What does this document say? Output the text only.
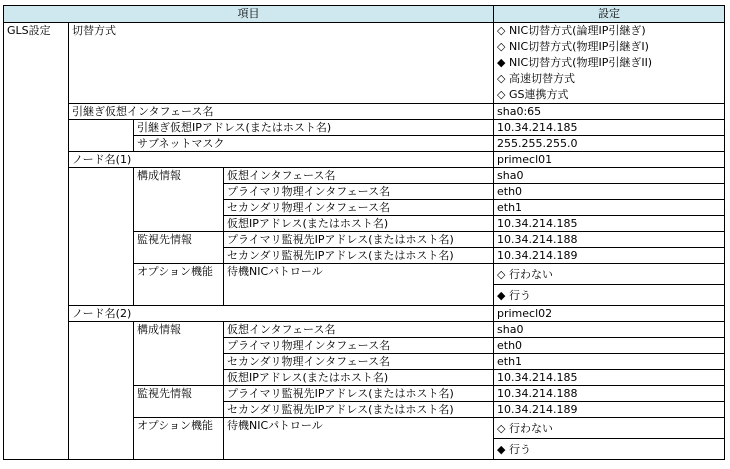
項目				設定
GLS設定	切替方式			◇ NIC切替方式(論理IP引継ぎ)
◇ NIC切替方式(物理IP引継ぎI)
◆ NIC切替方式(物理IP引継ぎII)
◇ 高速切替方式
◇ GS連携方式

	引継ぎ仮想インタフェース名			sha0:65
		引継ぎ仮想IPアドレス(またはホスト名)		10.34.214.185
		サブネットマスク		255.255.255.0
	ノード名(1)			primecl01
		構成情報	仮想インタフェース名	sha0
			プライマリ物理インタフェース名	eth0
			セカンダリ物理インタフェース名	eth1
			仮想IPアドレス(またはホスト名)	10.34.214.185
		監視先情報	プライマリ監視先IPアドレス(またはホスト名)	10.34.214.188
			セカンダリ監視先IPアドレス(またはホスト名)	10.34.214.189
		オプション機能	待機NICパトロール	◇ 行わない
				◆ 行う
	ノード名(2)			primecl02
		構成情報	仮想インタフェース名	sha0
			プライマリ物理インタフェース名	eth0
			セカンダリ物理インタフェース名	eth1
			仮想IPアドレス(またはホスト名)	10.34.214.185
		監視先情報	プライマリ監視先IPアドレス(またはホスト名)	10.34.214.188
			セカンダリ監視先IPアドレス(またはホスト名)	10.34.214.189
		オプション機能	待機NICパトロール	◇ 行わない
				◆ 行う
